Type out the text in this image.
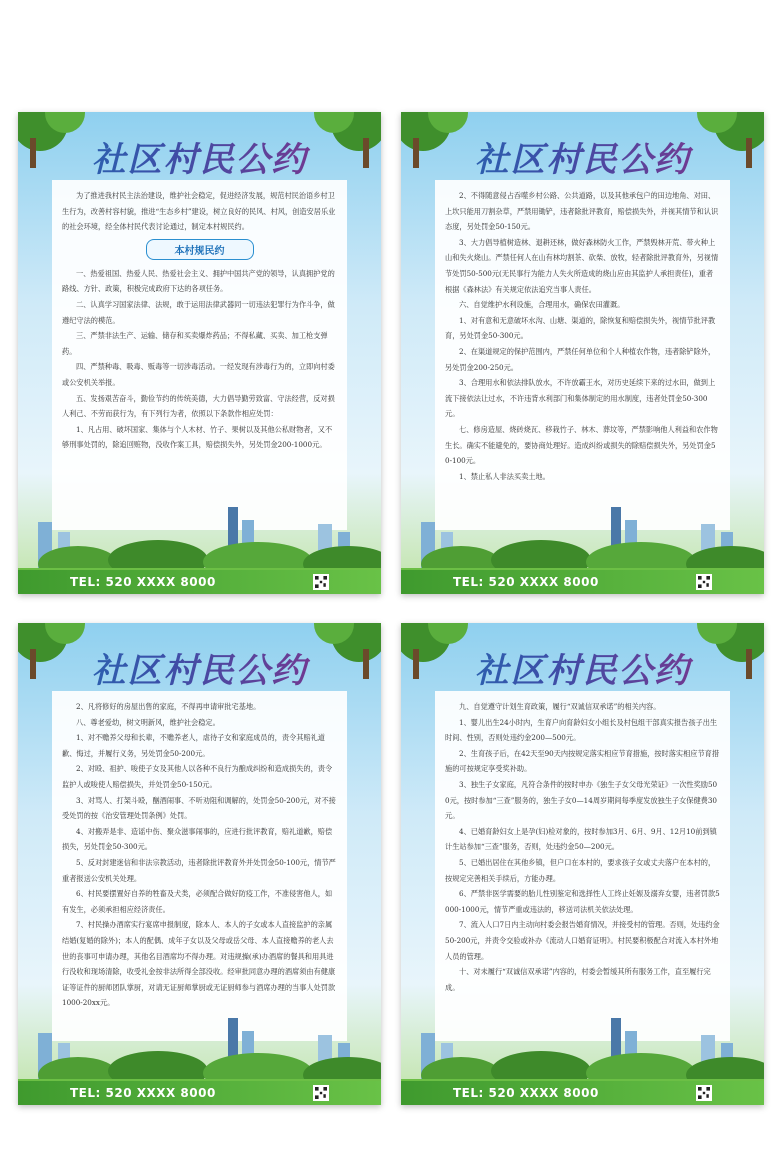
社区村民公约

为了推进我村民主法治建设，维护社会稳定，促进经济发展，规范村民治语乡村卫生行为，改善村容村貌，推进“生态乡村”建设，树立良好的民风、村风，创造安居乐业的社会环境，经全体村民代表讨论通过，制定本村规民约。

本村规民约

一、热爱祖国、热爱人民、热爱社会主义、拥护中国共产党的领导，认真拥护党的路线、方针、政策，积极完成政府下达的各项任务。

二、认真学习国家法律、法规，敢于运用法律武器同一切违法犯罪行为作斗争，做遵纪守法的模范。

三、严禁非法生产、运输、储存和买卖爆炸药品；不得私藏、买卖、加工枪支弹药。

四、严禁种毒、吸毒、贩毒等一切涉毒活动。一经发现有涉毒行为的，立即向村委或公安机关举报。

五、发扬艰苦奋斗，勤俭节约的传统美德，大力倡导勤劳致富、守法经营，反对损人利己、不劳而获行为，有下列行为者，依照以下条款作相应处罚：

1、凡占用、破坏国家、集体与个人木材、竹子、果树以及其他公私财物者，又不够刑事处罚的，除追回赃物，没收作案工具，赔偿损失外，另处罚金200-1000元。

TEL: 520 XXXX 8000
社区村民公约

2、不得随意侵占吞噬乡村公路、公共道路，以及其他承包户的田边地角、对田、上坎只能用刀割杂草，严禁用锄铲，违者除批评教育，赔偿损失外，并视其情节和认识态度，另处罚金50-150元。

3、大力倡导植树造林、退耕还林，做好森林防火工作，严禁毁林开荒、带火种上山和失火烧山。严禁任何人在山有林均割茶、砍柴、放牧，轻者除批评教育外，另视情节处罚50-500元(无民事行为能力人失火所造成的烧山应由其监护人承担责任)，重者根据《森林法》有关规定依法追究当事人责任。

六、自觉维护水利设施，合理用水，确保农田灌溉。

1、对有意和无意破坏水沟、山塘、渠道的，除恢复和赔偿损失外，视情节批评教育，另处罚金50-300元。

2、在渠道规定的保护范围内，严禁任何单位和个人种植农作物，违者除铲除外，另处罚金200-250元。

3、合理用水和依法排队放水，不许放霸王水，对历史延续下来的过水田，做到上流下接依法让过水，不许违背水利部门和集体制定的用水制度，违者处罚金50-300元。

七、修房造屋、烧砖烧瓦、移栽竹子、林木、葬坟等，严禁影响他人利益和农作物生长。确实不能避免的，要协商处理好。造成纠纷或损失的除赔偿损失外，另处罚金50-100元。

1、禁止私人非法买卖土地。

TEL: 520 XXXX 8000
社区村民公约

2、凡将修好的房屋出售的家庭，不得再申请审批宅基地。

八、尊老爱幼，树文明新风，维护社会稳定。

1、对不赡养父母和长辈，不赡养老人，虐待子女和家庭成员的，责令其赔礼道歉、悔过，并履行义务，另处罚金50-200元。

2、对殴、祖护、唆使子女及其他人以各种不良行为酿成纠纷和造成损失的，责令监护人或唆使人赔偿损失，并处罚金50-150元。

3、对骂人、打架斗殴，酗酒闹事、不听劝阻和调解的，处罚金50-200元，对不接受处罚的按《治安管理处罚条例》处罚。

4、对搬弄是非、造谣中伤、聚众滋事闹事的，应进行批评教育，赔礼道歉，赔偿损失，另处罚金50-300元。

5、反对封建迷信和非法宗教活动，违者除批评教育外并处罚金50-100元，情节严重者报送公安机关处理。

6、村民要摆置好自养的牲畜及犬类，必须配合做好防疫工作，不准侵害他人，如有发生，必须承担相应经济责任。

7、村民操办酒席实行宴席申报制度，除本人、本人的子女或本人直接监护的亲属结婚(复婚的除外)；本人的配偶、成年子女以及父母或岳父母、本人直接赡养的老人去世的丧事可申请办理，其他名目酒席均不得办理。对违规操(承)办酒席的餐具和用具进行没收和现场清除，收受礼金按非法所得全部没收。经审批同意办理的酒席须由有健康证等证件的厨师团队掌厨，对请无证厨师掌厨或无证厨师参与酒席办理的当事人处罚款1000-20xx元。

TEL: 520 XXXX 8000
社区村民公约

九、自觉遵守计划生育政策，履行“双诚信双承诺”的相关内容。

1、婴儿出生24小时内，生育户向育龄妇女小组长及村包组干部真实报告孩子出生时间、性别，否则处违约金200—500元。

2、生育孩子后，在42天至90天内按规定落实相应节育措施，按时落实相应节育措施的可按规定享受奖补助。

3、独生子女家庭，凡符合条件的按时申办《独生子女父母光荣证》一次性奖励500元，按时参加“三查”服务的，独生子女0—14周岁期间每季度发放独生子女保健费30元。

4、已婚育龄妇女上是孕(妇)检对象的，按时参加3月、6月、9月、12月10前到镇计生站参加“三查”服务，否则，处违约金50—200元。

5、已婚出居住在其他乡镇，但户口在本村的，要求孩子女或丈夫落户在本村的，按规定完善相关手续后，方能办理。

6、严禁非医学需要的胎儿性别鉴定和选择性人工终止妊娠及溺弃女婴，违者罚款5000-1000元，情节严重或违法的，移送司法机关依法处理。

7、流入人口7日内主动向村委会报告婚育情况，并接受村的管理。否则，处违约金50-200元，并责令交验或补办《流动人口婚育证明》。村民要积极配合对流入本村外地人员的管理。

十、对未履行“双诚信双承诺”内容的，村委会暂缓其所有服务工作，直至履行完成。

TEL: 520 XXXX 8000
